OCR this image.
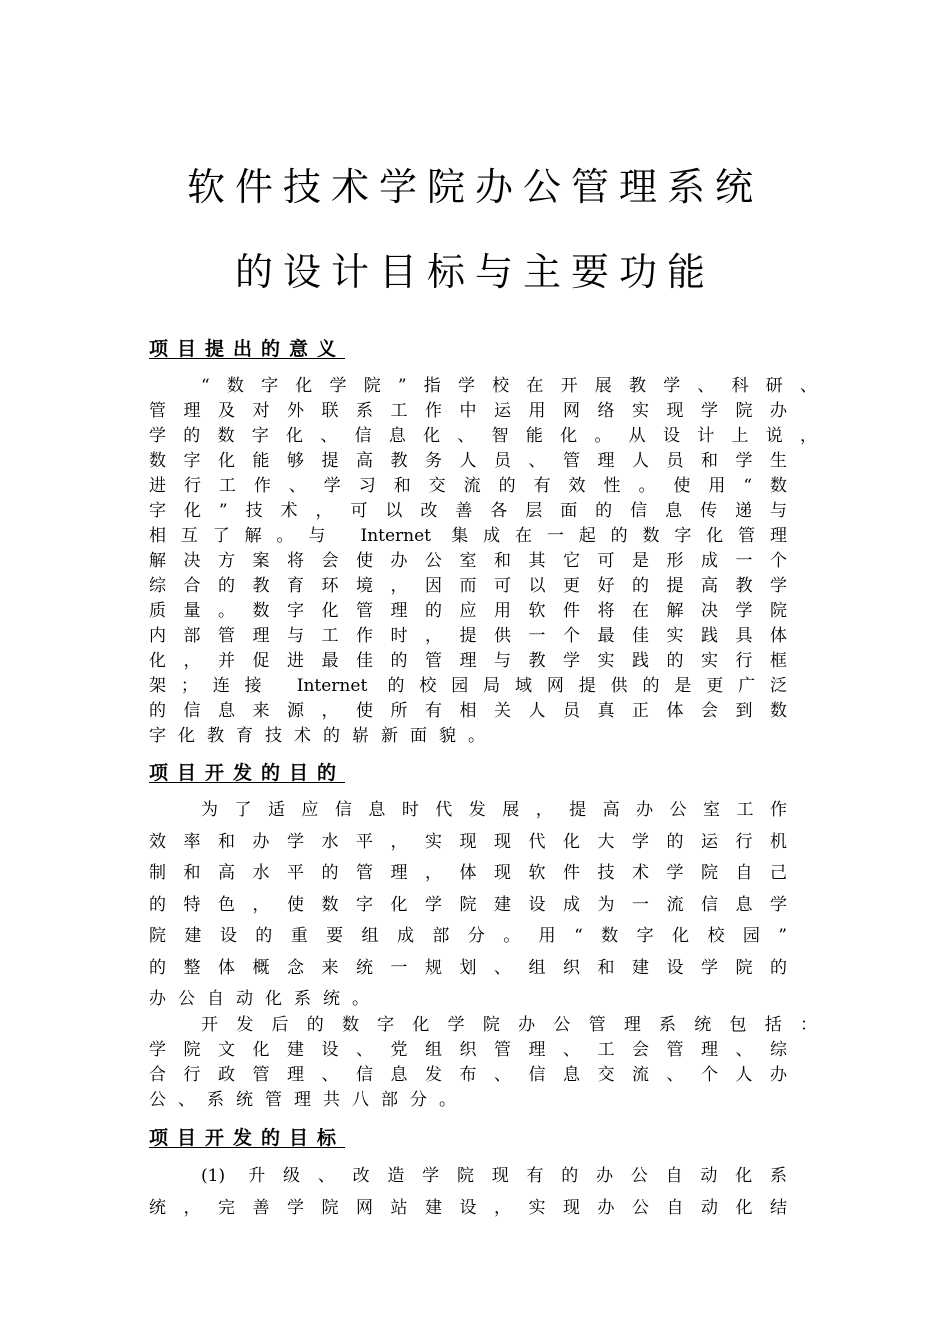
软件技术学院办公管理系统
的设计目标与主要功能
项目提出的意义
“数字化学院”指学校在开展教学、科研、
管理及对外联系工作中运用网络实现学院办
学的数字化、信息化、智能化。从设计上说，
数字化能够提高教务人员、管理人员和学生
进行工作、学习和交流的有效性。使用“数
字化”技术，可以改善各层面的信息传递与
相互了解。与 Internet 集成在一起的数字化管理
解决方案将会使办公室和其它可是形成一个
综合的教育环境，因而可以更好的提高教学
质量。数字化管理的应用软件将在解决学院
内部管理与工作时，提供一个最佳实践具体
化，并促进最佳的管理与教学实践的实行框
架；连接 Internet 的校园局域网提供的是更广泛
的信息来源，使所有相关人员真正体会到数
字化教育技术的崭新面貌。
项目开发的目的
为了适应信息时代发展，提高办公室工作
效率和办学水平，实现现代化大学的运行机
制和高水平的管理，体现软件技术学院自己
的特色，使数字化学院建设成为一流信息学
院建设的重要组成部分。用“数字化校园”
的整体概念来统一规划、组织和建设学院的
办公自动化系统。
开发后的数字化学院办公管理系统包括：
学院文化建设、党组织管理、工会管理、综
合行政管理、信息发布、信息交流、个人办
公、系统管理共八部分。
项目开发的目标
(1) 升级、改造学院现有的办公自动化系
统，完善学院网站建设，实现办公自动化结
